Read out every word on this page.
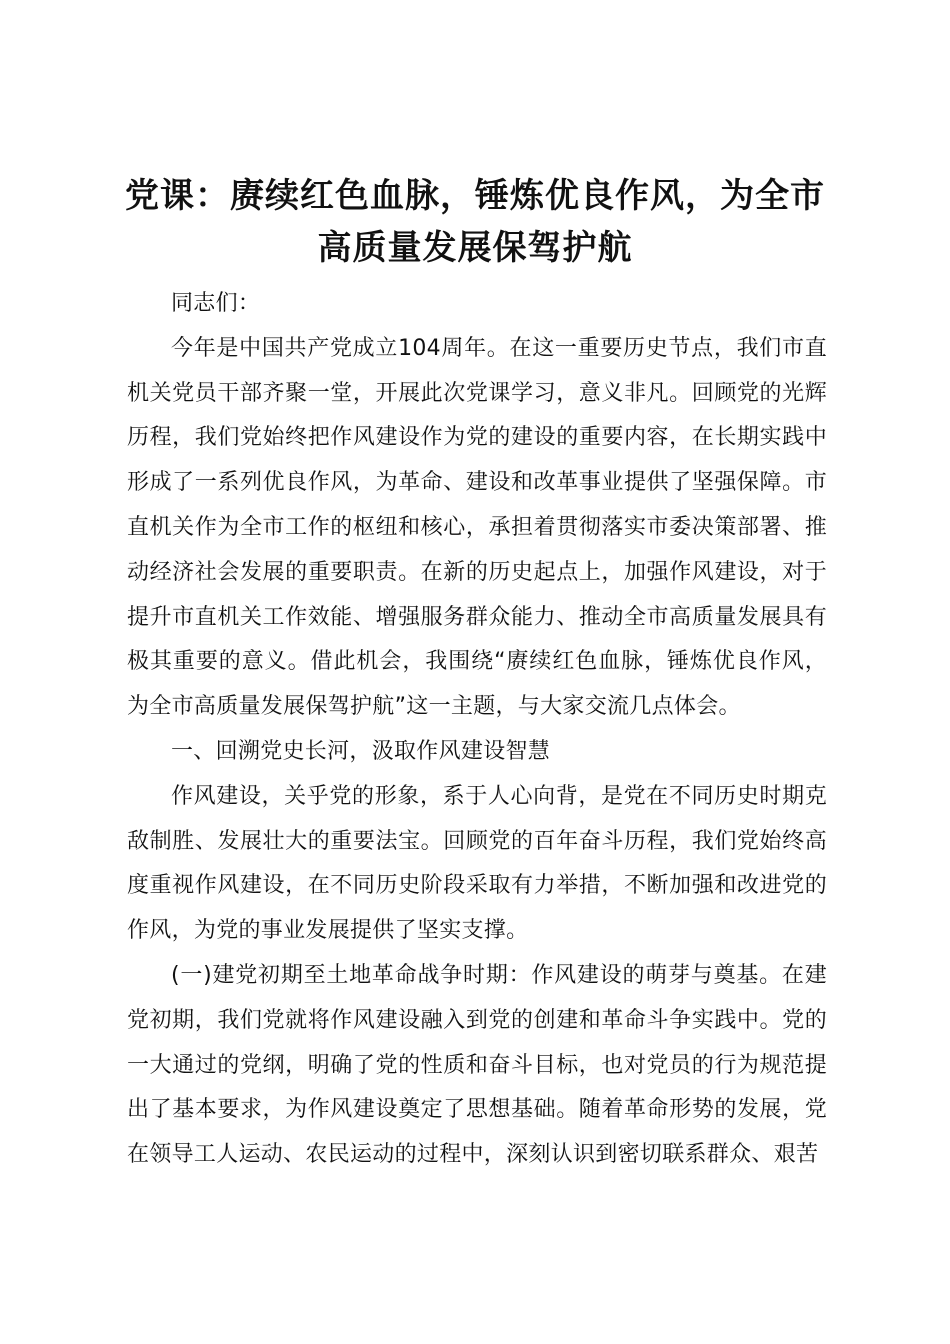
党课：赓续红色血脉，锤炼优良作风，为全市高质量发展保驾护航

同志们：

今年是中国共产党成立104周年。在这一重要历史节点，我们市直机关党员干部齐聚一堂，开展此次党课学习，意义非凡。回顾党的光辉历程，我们党始终把作风建设作为党的建设的重要内容，在长期实践中形成了一系列优良作风，为革命、建设和改革事业提供了坚强保障。市直机关作为全市工作的枢纽和核心，承担着贯彻落实市委决策部署、推动经济社会发展的重要职责。在新的历史起点上，加强作风建设，对于提升市直机关工作效能、增强服务群众能力、推动全市高质量发展具有极其重要的意义。借此机会，我围绕“赓续红色血脉，锤炼优良作风，为全市高质量发展保驾护航”这一主题，与大家交流几点体会。

一、回溯党史长河，汲取作风建设智慧

作风建设，关乎党的形象，系于人心向背，是党在不同历史时期克敌制胜、发展壮大的重要法宝。回顾党的百年奋斗历程，我们党始终高度重视作风建设，在不同历史阶段采取有力举措，不断加强和改进党的作风，为党的事业发展提供了坚实支撑。

(一)建党初期至土地革命战争时期：作风建设的萌芽与奠基。在建党初期，我们党就将作风建设融入到党的创建和革命斗争实践中。党的一大通过的党纲，明确了党的性质和奋斗目标，也对党员的行为规范提出了基本要求，为作风建设奠定了思想基础。随着革命形势的发展，党在领导工人运动、农民运动的过程中，深刻认识到密切联系群众、艰苦
